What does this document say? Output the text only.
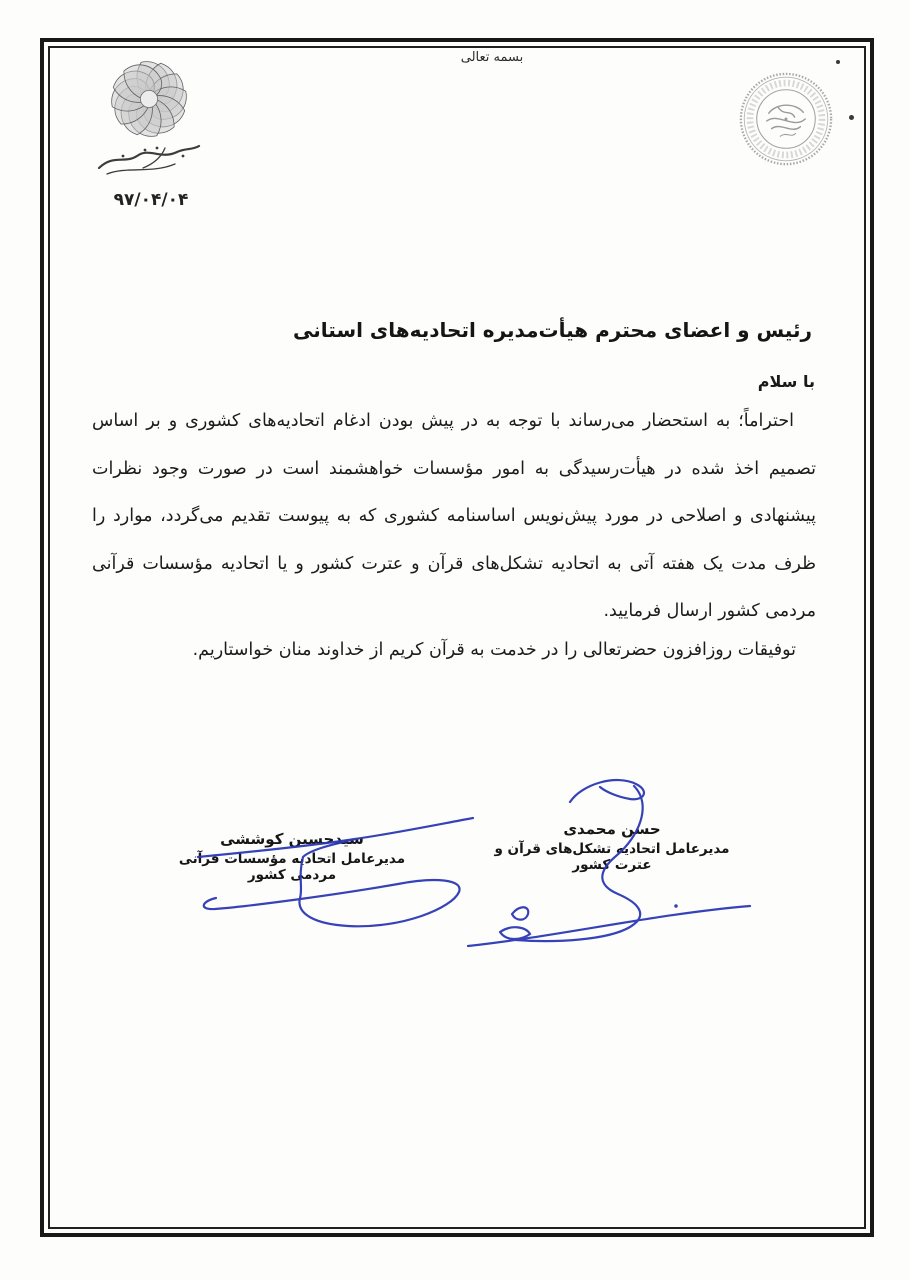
بسمه تعالی

۹۷/۰۴/۰۴
رئیس و اعضای محترم هیأت‌مدیره اتحادیه‌های استانی
با سلام
احتراماً؛ به استحضار می‌رساند با توجه به در پیش بودن ادغام اتحادیه‌های کشوری و بر اساس تصمیم اخذ شده در هیأت‌رسیدگی به امور مؤسسات خواهشمند است در صورت وجود نظرات پیشنهادی و اصلاحی در مورد پیش‌نویس اساسنامه کشوری که به پیوست تقدیم می‌گردد، موارد را ظرف مدت یک هفته آتی به اتحادیه تشکل‌های قرآن و عترت کشور و یا اتحادیه مؤسسات قرآنی مردمی کشور ارسال فرمایید.
توفیقات روزافزون حضرتعالی را در خدمت به قرآن کریم از خداوند منان خواستاریم.
حسن محمدی
مدیرعامل اتحادیه تشکل‌های قرآن و عترت کشور
سیدحسین کوششی
مدیرعامل اتحادیه مؤسسات قرآنی مردمی کشور
